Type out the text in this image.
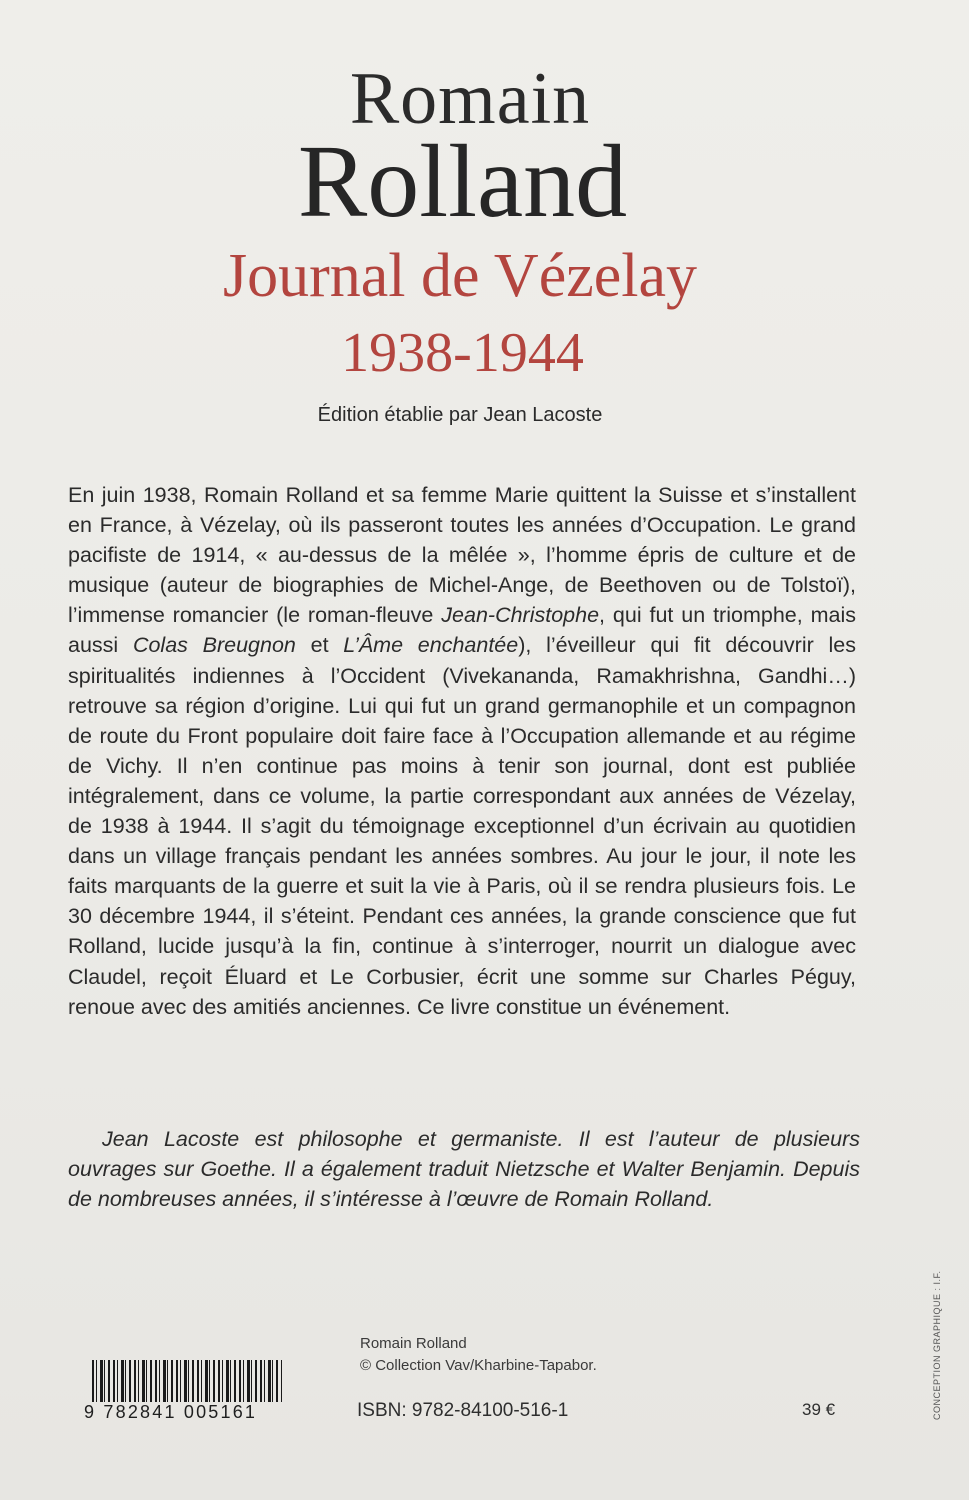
Romain
Rolland
Journal de Vézelay
1938-1944
Édition établie par Jean Lacoste

En juin 1938, Romain Rolland et sa femme Marie quittent la Suisse et s’installent en France, à Vézelay, où ils passeront toutes les années d’Occupation. Le grand pacifiste de 1914, « au-dessus de la mêlée », l’homme épris de culture et de musique (auteur de biographies de Michel-Ange, de Beethoven ou de Tolstoï), l’immense romancier (le roman-fleuve Jean-Christophe, qui fut un triomphe, mais aussi Colas Breugnon et L’Âme enchantée), l’éveilleur qui fit découvrir les spiritualités indiennes à l’Occident (Vivekananda, Ramakhrishna, Gandhi…) retrouve sa région d’origine. Lui qui fut un grand germanophile et un compagnon de route du Front populaire doit faire face à l’Occupation allemande et au régime de Vichy. Il n’en continue pas moins à tenir son journal, dont est publiée intégralement, dans ce volume, la partie correspondant aux années de Vézelay, de 1938 à 1944. Il s’agit du témoignage exceptionnel d’un écrivain au quotidien dans un village français pendant les années sombres. Au jour le jour, il note les faits marquants de la guerre et suit la vie à Paris, où il se rendra plusieurs fois. Le 30 décembre 1944, il s’éteint. Pendant ces années, la grande conscience que fut Rolland, lucide jusqu’à la fin, continue à s’interroger, nourrit un dialogue avec Claudel, reçoit Éluard et Le Corbusier, écrit une somme sur Charles Péguy, renoue avec des amitiés anciennes. Ce livre constitue un événement.

Jean Lacoste est philosophe et germaniste. Il est l’auteur de plusieurs ouvrages sur Goethe. Il a également traduit Nietzsche et Walter Benjamin. Depuis de nombreuses années, il s’intéresse à l’œuvre de Romain Rolland.

Romain Rolland
© Collection Vav/Kharbine-Tapabor.
9 782841 005161	ISBN: 9782-84100-516-1	39 €	CONCEPTION GRAPHIQUE : I.F.
